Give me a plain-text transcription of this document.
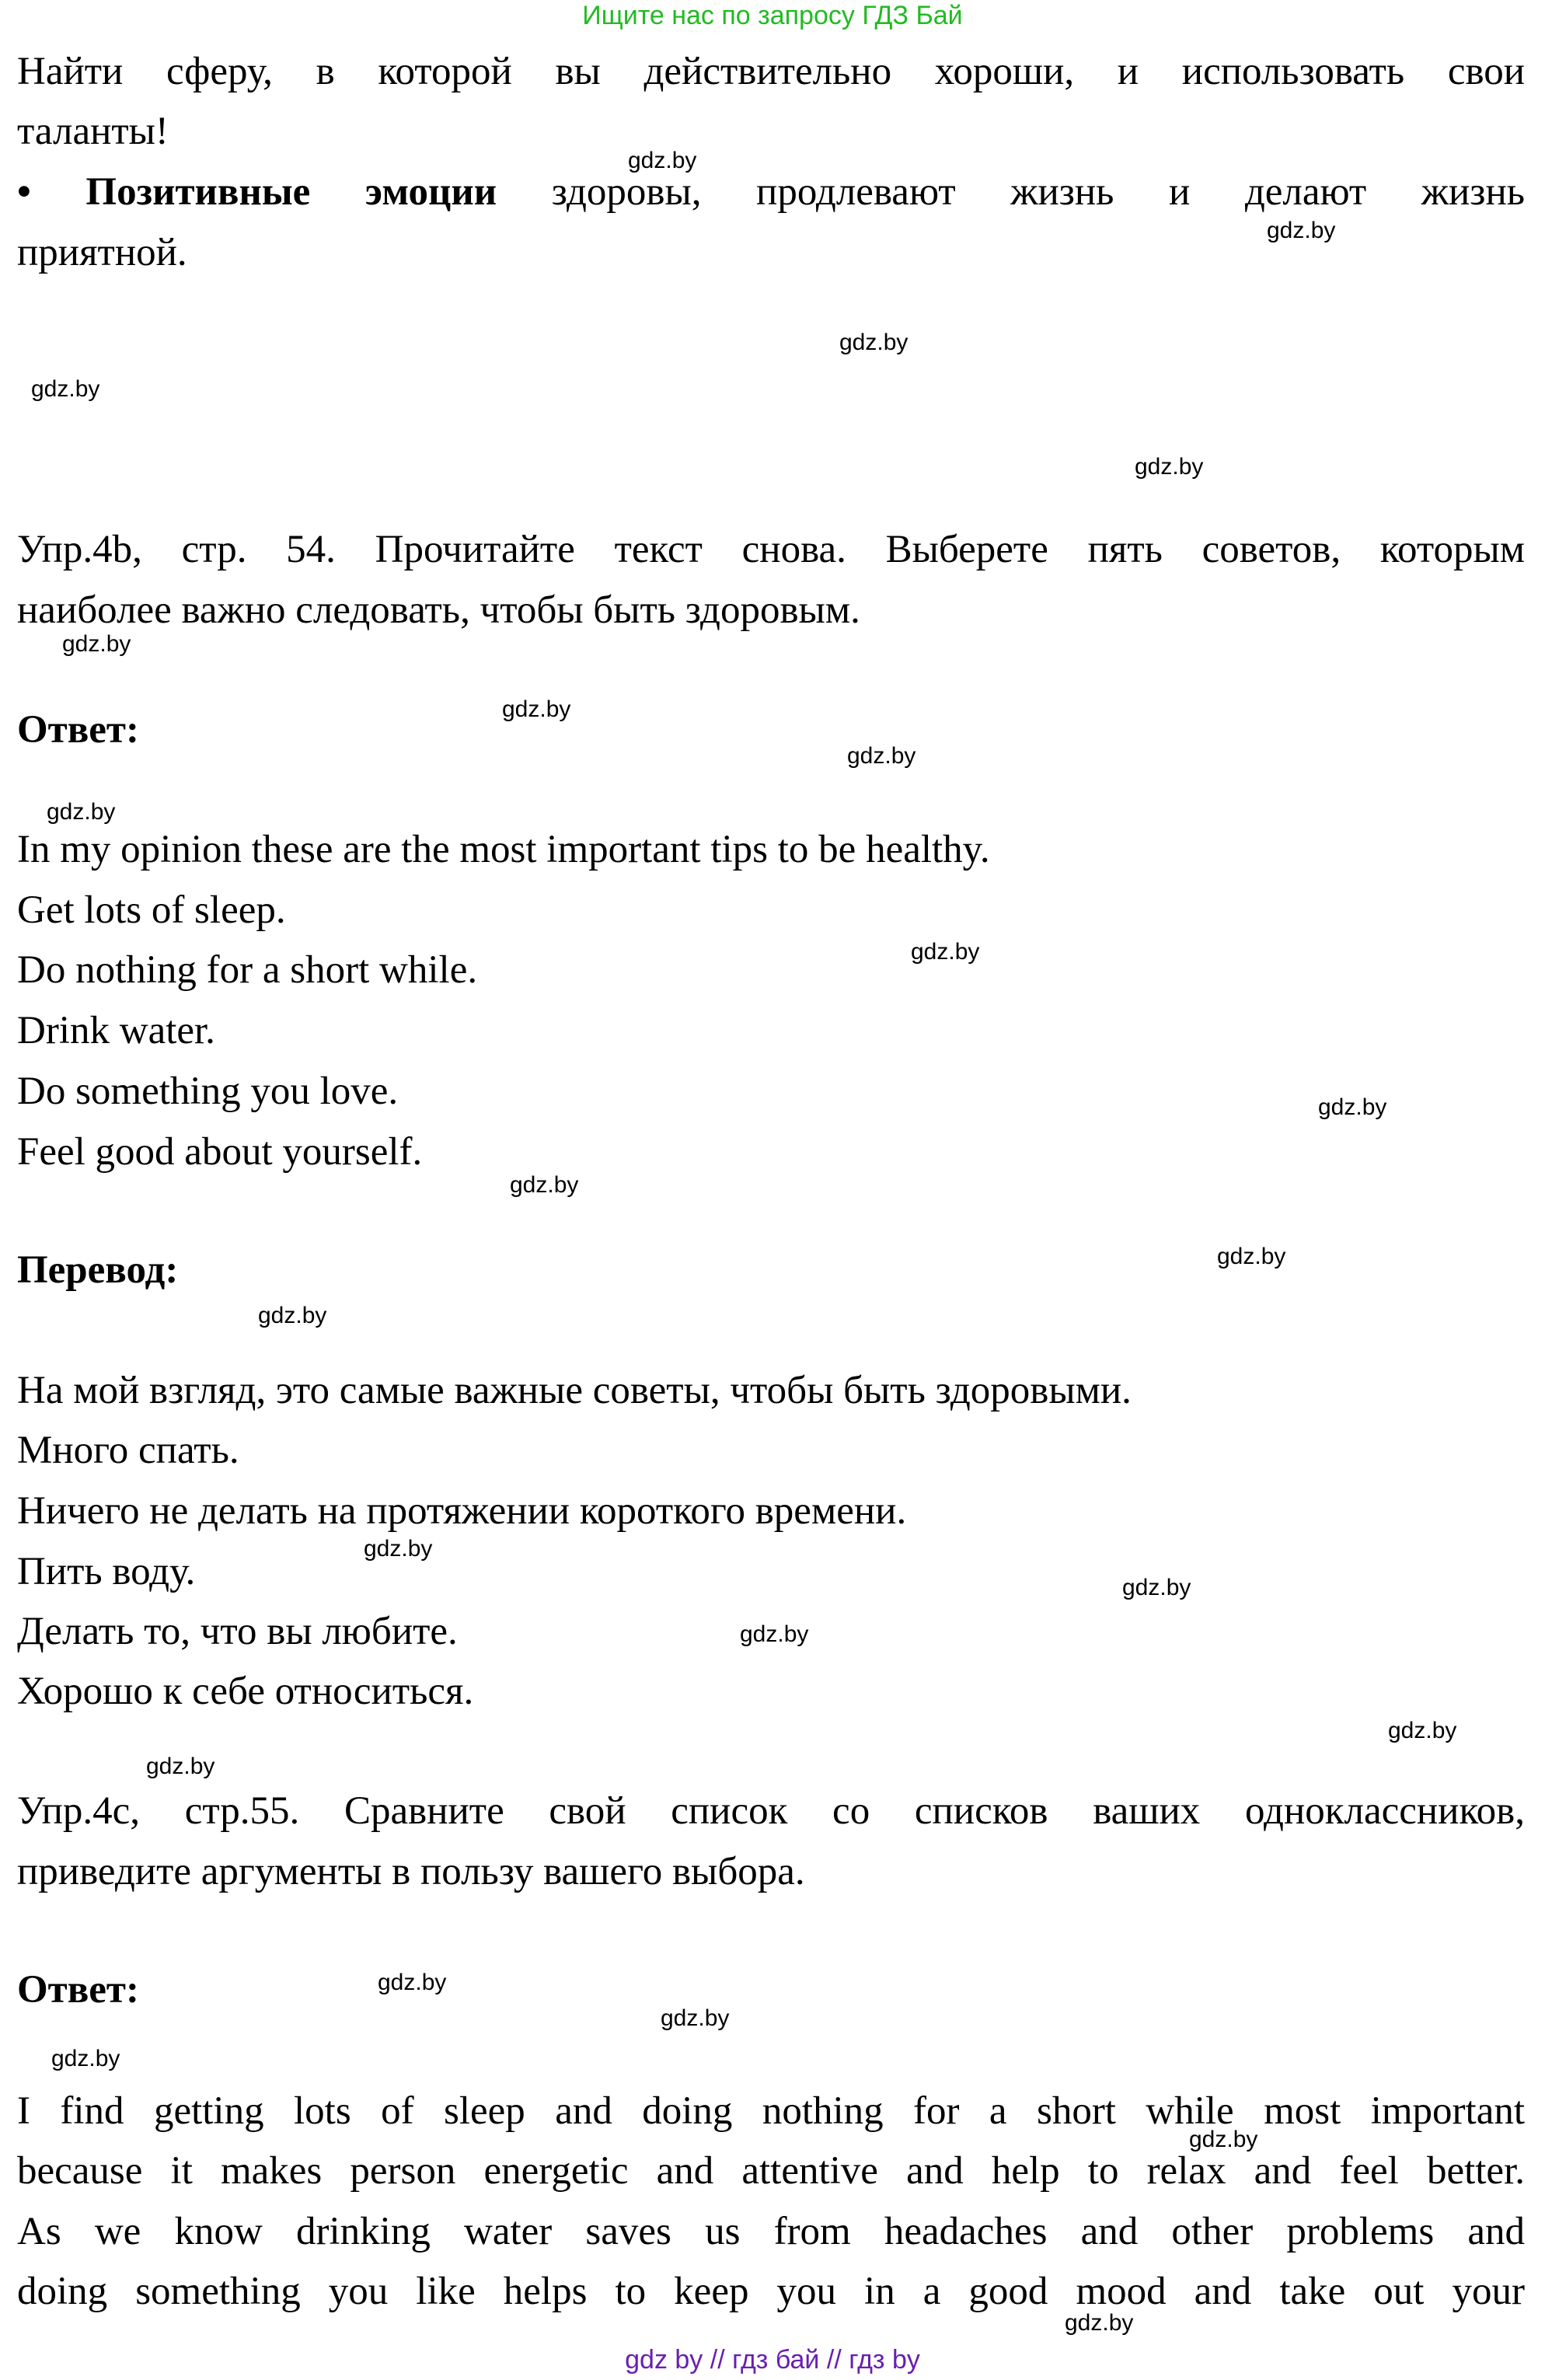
Ищите нас по запросу ГДЗ Бай
Найти сферу, в которой вы действительно хороши, и использовать свои
таланты!
• Позитивные эмоции здоровы, продлевают жизнь и делают жизнь
приятной.
Упр.4b, стр. 54. Прочитайте текст снова. Выберете пять советов, которым
наиболее важно следовать, чтобы быть здоровым.
Ответ:
In my opinion these are the most important tips to be healthy.
Get lots of sleep.
Do nothing for a short while.
Drink water.
Do something you love.
Feel good about yourself.
Перевод:
На мой взгляд, это самые важные советы, чтобы быть здоровыми.
Много спать.
Ничего не делать на протяжении короткого времени.
Пить воду.
Делать то, что вы любите.
Хорошо к себе относиться.
Упр.4c, стр.55. Сравните свой список со списков ваших одноклассников,
приведите аргументы в пользу вашего выбора.
Ответ:
I find getting lots of sleep and doing nothing for a short while most important
because it makes person energetic and attentive and help to relax and feel better.
As we know drinking water saves us from headaches and other problems and
doing something you like helps to keep you in a good mood and take out your
gdz.by
gdz.by
gdz.by
gdz.by
gdz.by
gdz.by
gdz.by
gdz.by
gdz.by
gdz.by
gdz.by
gdz.by
gdz.by
gdz.by
gdz.by
gdz.by
gdz.by
gdz.by
gdz.by
gdz.by
gdz.by
gdz.by
gdz.by
gdz.by
gdz by // гдз бай // гдз by
